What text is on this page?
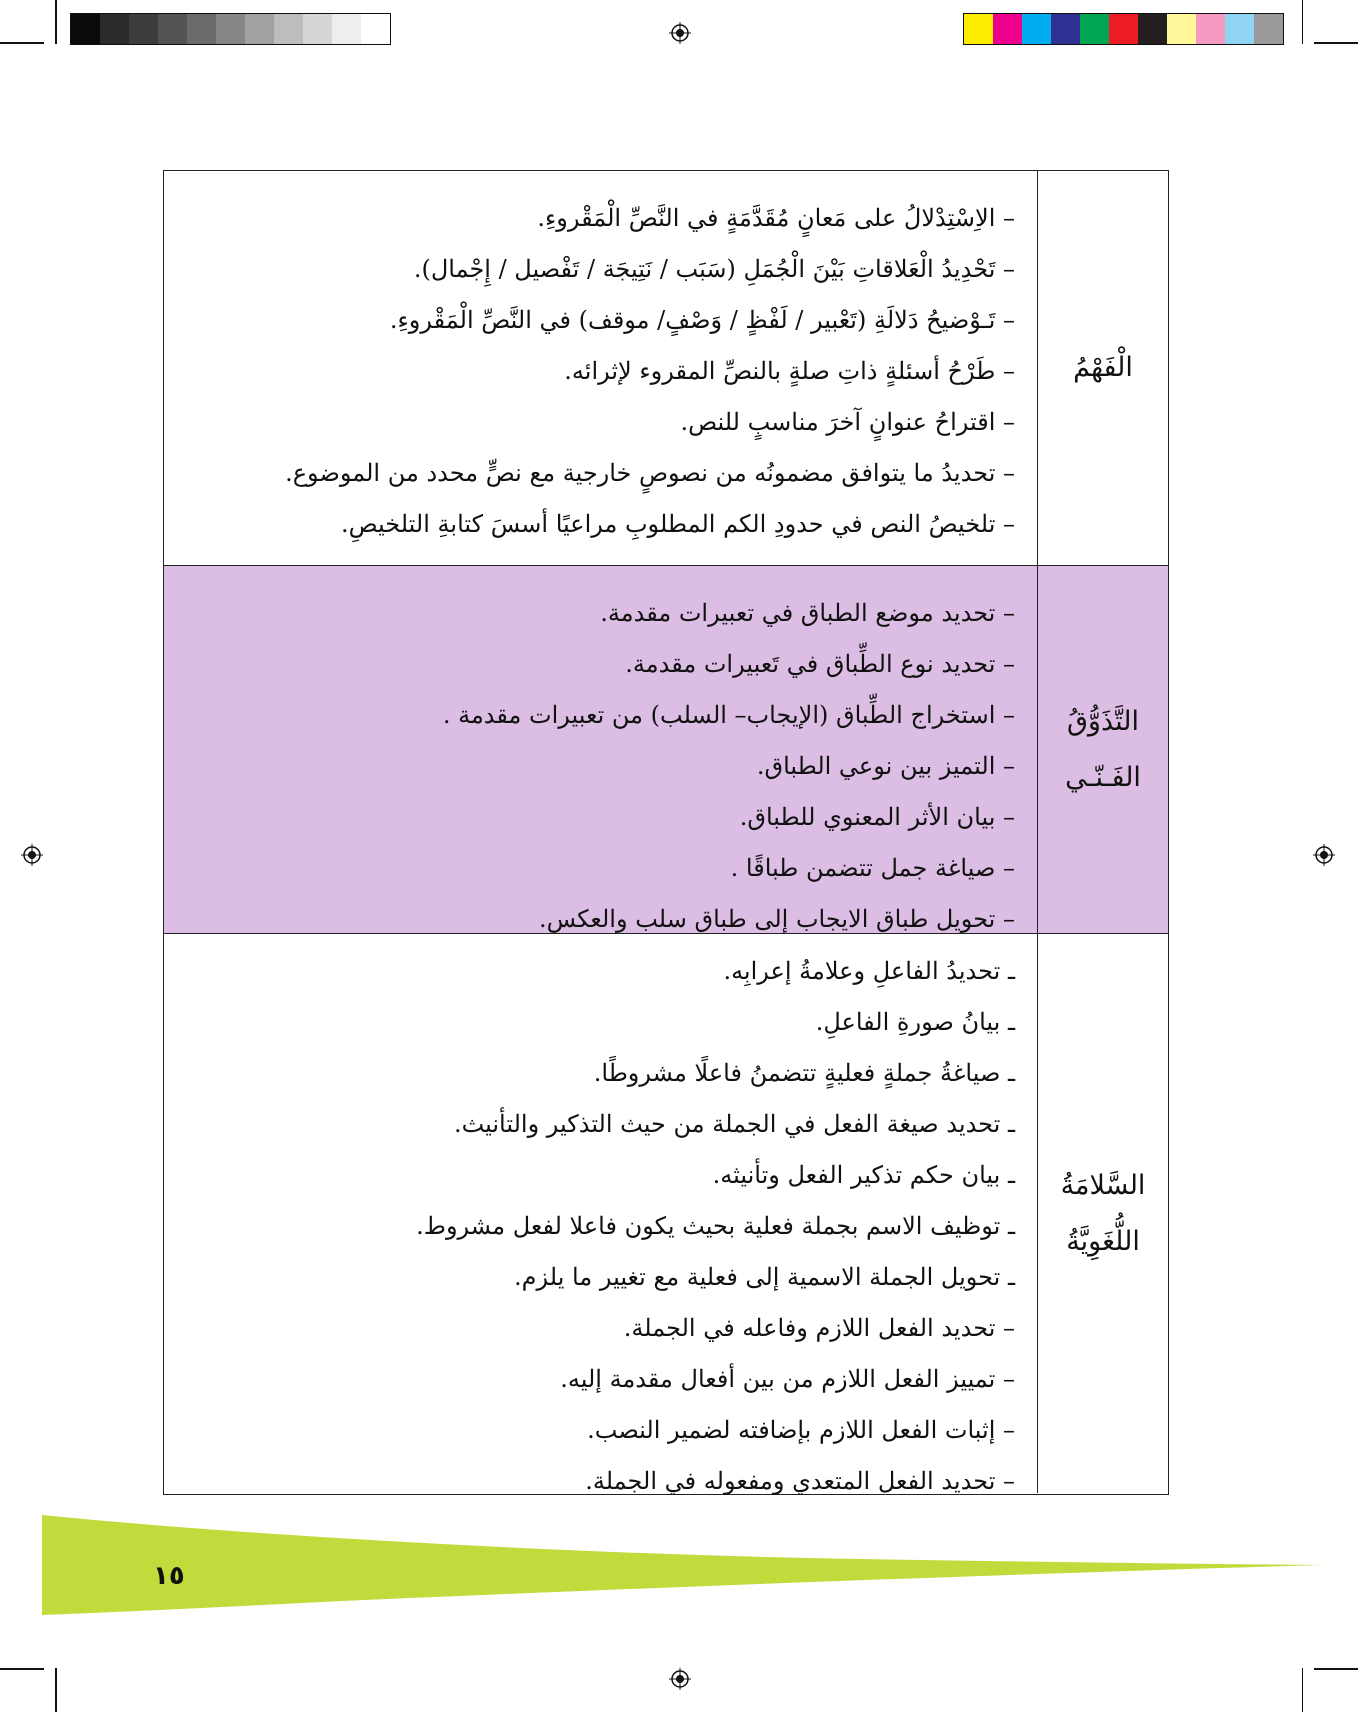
الْفَهْمُ
– الاِسْتِدْلالُ على مَعانٍ مُقَدَّمَةٍ في النَّصِّ الْمَقْروءِ.
– تَحْدِيدُ الْعَلاقاتِ بَيْنَ الْجُمَلِ (سَبَب / نَتِيجَة / تَفْصيل / إِجْمال).
– تَـوْضيحُ دَلالَةِ (تَعْبير / لَفْظٍ / وَصْفٍ/ موقف) في النَّصِّ الْمَقْروءِ.
– طَرْحُ أسئلةٍ ذاتِ صلةٍ بالنصِّ المقروء لإثرائه.
– اقتراحُ عنوانٍ آخرَ مناسبٍ للنص.
– تحديدُ ما يتوافق مضمونُه من نصوصٍ خارجية مع نصٍّ محدد من الموضوع.
– تلخيصُ النص في حدودِ الكم المطلوبِ مراعيًا أسسَ كتابةِ التلخيصِ.
التَّذَوُّقُ
الفَـنّـي
– تحديد موضع الطباق في تعبيرات مقدمة.
– تحديد نوع الطِّباق في تَعبيرات مقدمة.
– استخراج الطِّباق (الإيجاب– السلب) من تعبيرات مقدمة .
– التميز بين نوعي الطباق.
– بيان الأثر المعنوي للطباق.
– صياغة جمل تتضمن طباقًا .
– تحويل طباق الايجاب إلى طباق سلب والعكس.
السَّلامَةُ
اللُّغَوِيَّةُ
ـ تحديدُ الفاعلِ وعلامةُ إعرابِه.
ـ بيانُ صورةِ الفاعلِ.
ـ صياغةُ جملةٍ فعليةٍ تتضمنُ فاعلًا مشروطًا.
ـ تحديد صيغة الفعل في الجملة من حيث التذكير والتأنيث.
ـ بيان حكم تذكير الفعل وتأنيثه.
ـ توظيف الاسم بجملة فعلية بحيث يكون فاعلا لفعل مشروط.
ـ تحويل الجملة الاسمية إلى فعلية مع تغيير ما يلزم.
– تحديد الفعل اللازم وفاعله في الجملة.
– تمييز الفعل اللازم من بين أفعال مقدمة إليه.
– إثبات الفعل اللازم بإضافته لضمير النصب.
– تحديد الفعل المتعدي ومفعوله في الجملة.
١٥
